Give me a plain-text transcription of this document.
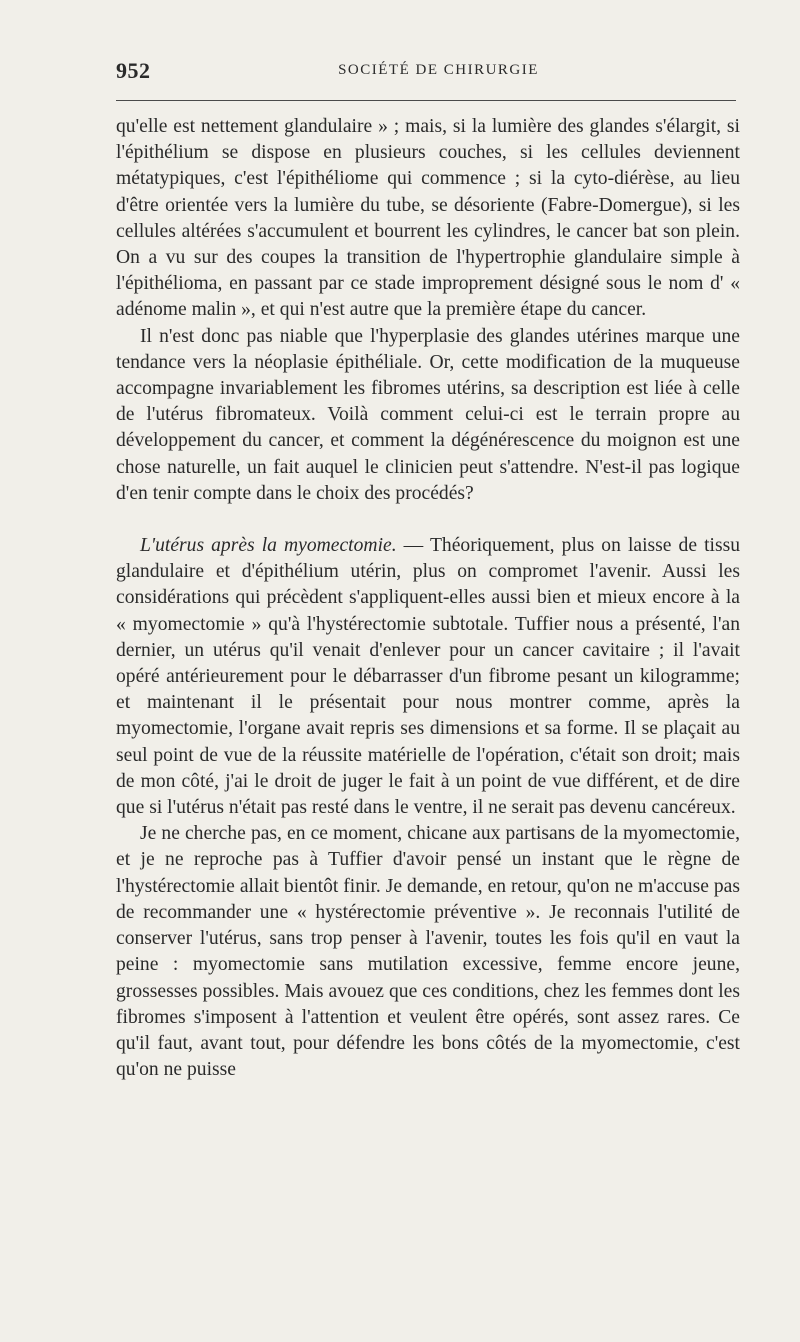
952	SOCIÉTÉ DE CHIRURGIE

qu'elle est nettement glandulaire » ; mais, si la lumière des glandes s'élargit, si l'épithélium se dispose en plusieurs couches, si les cellules deviennent métatypiques, c'est l'épithéliome qui commence ; si la cyto-diérèse, au lieu d'être orientée vers la lumière du tube, se désoriente (Fabre-Domergue), si les cellules altérées s'accumulent et bourrent les cylindres, le cancer bat son plein. On a vu sur des coupes la transition de l'hypertrophie glandulaire simple à l'épithélioma, en passant par ce stade improprement désigné sous le nom d' « adénome malin », et qui n'est autre que la première étape du cancer.

Il n'est donc pas niable que l'hyperplasie des glandes utérines marque une tendance vers la néoplasie épithéliale. Or, cette modification de la muqueuse accompagne invariablement les fibromes utérins, sa description est liée à celle de l'utérus fibromateux. Voilà comment celui-ci est le terrain propre au développement du cancer, et comment la dégénérescence du moignon est une chose naturelle, un fait auquel le clinicien peut s'attendre. N'est-il pas logique d'en tenir compte dans le choix des procédés?

L'utérus après la myomectomie. — Théoriquement, plus on laisse de tissu glandulaire et d'épithélium utérin, plus on compromet l'avenir. Aussi les considérations qui précèdent s'appliquent-elles aussi bien et mieux encore à la « myomectomie » qu'à l'hystérectomie subtotale. Tuffier nous a présenté, l'an dernier, un utérus qu'il venait d'enlever pour un cancer cavitaire ; il l'avait opéré antérieurement pour le débarrasser d'un fibrome pesant un kilogramme; et maintenant il le présentait pour nous montrer comme, après la myomectomie, l'organe avait repris ses dimensions et sa forme. Il se plaçait au seul point de vue de la réussite matérielle de l'opération, c'était son droit; mais de mon côté, j'ai le droit de juger le fait à un point de vue différent, et de dire que si l'utérus n'était pas resté dans le ventre, il ne serait pas devenu cancéreux.

Je ne cherche pas, en ce moment, chicane aux partisans de la myomectomie, et je ne reproche pas à Tuffier d'avoir pensé un instant que le règne de l'hystérectomie allait bientôt finir. Je demande, en retour, qu'on ne m'accuse pas de recommander une « hystérectomie préventive ». Je reconnais l'utilité de conserver l'utérus, sans trop penser à l'avenir, toutes les fois qu'il en vaut la peine : myomectomie sans mutilation excessive, femme encore jeune, grossesses possibles. Mais avouez que ces conditions, chez les femmes dont les fibromes s'imposent à l'attention et veulent être opérés, sont assez rares. Ce qu'il faut, avant tout, pour défendre les bons côtés de la myomectomie, c'est qu'on ne puisse
